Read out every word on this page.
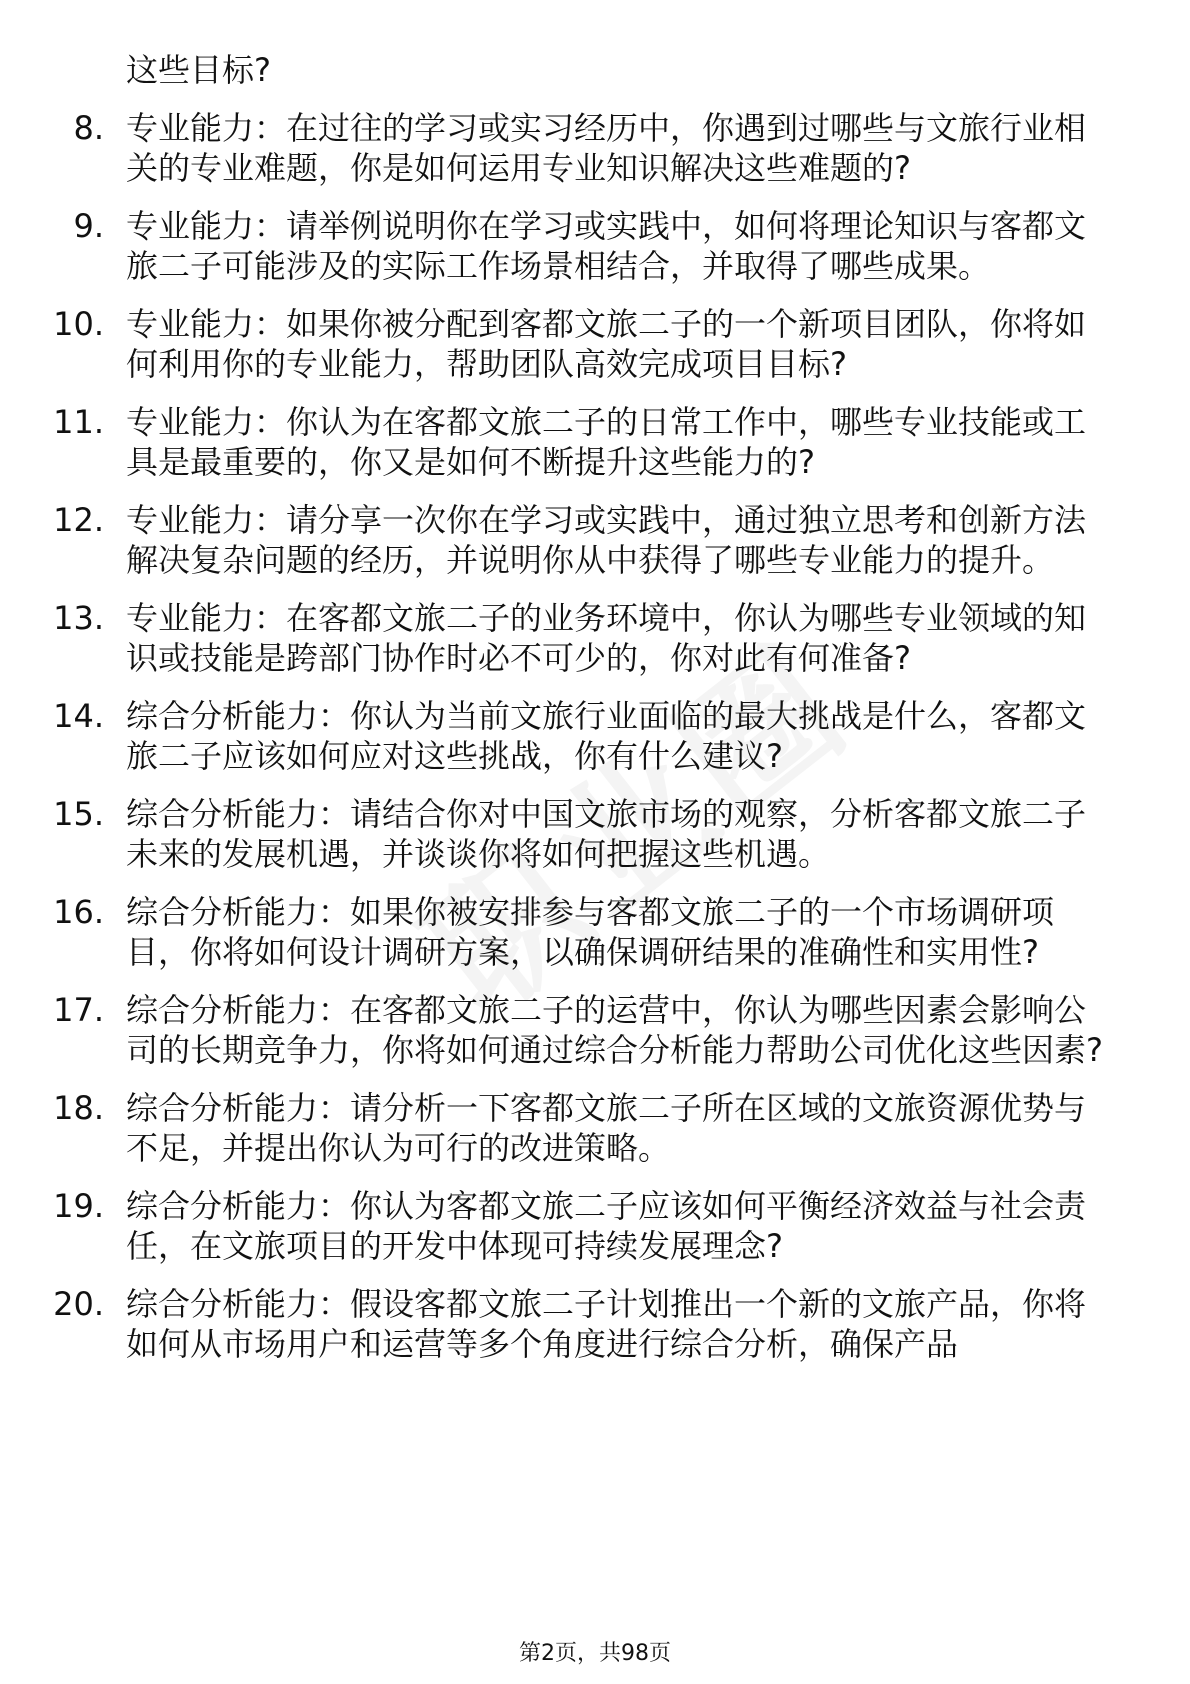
这些目标?
8. 专业能力：在过往的学习或实习经历中，你遇到过哪些与文旅行业相关的专业难题，你是如何运用专业知识解决这些难题的?
9. 专业能力：请举例说明你在学习或实践中，如何将理论知识与客都文旅二子可能涉及的实际工作场景相结合，并取得了哪些成果。
10. 专业能力：如果你被分配到客都文旅二子的一个新项目团队，你将如何利用你的专业能力，帮助团队高效完成项目目标?
11. 专业能力：你认为在客都文旅二子的日常工作中，哪些专业技能或工具是最重要的，你又是如何不断提升这些能力的?
12. 专业能力：请分享一次你在学习或实践中，通过独立思考和创新方法解决复杂问题的经历，并说明你从中获得了哪些专业能力的提升。
13. 专业能力：在客都文旅二子的业务环境中，你认为哪些专业领域的知识或技能是跨部门协作时必不可少的，你对此有何准备?
14. 综合分析能力：你认为当前文旅行业面临的最大挑战是什么，客都文旅二子应该如何应对这些挑战，你有什么建议?
15. 综合分析能力：请结合你对中国文旅市场的观察，分析客都文旅二子未来的发展机遇，并谈谈你将如何把握这些机遇。
16. 综合分析能力：如果你被安排参与客都文旅二子的一个市场调研项目，你将如何设计调研方案，以确保调研结果的准确性和实用性?
17. 综合分析能力：在客都文旅二子的运营中，你认为哪些因素会影响公司的长期竞争力，你将如何通过综合分析能力帮助公司优化这些因素?
18. 综合分析能力：请分析一下客都文旅二子所在区域的文旅资源优势与不足，并提出你认为可行的改进策略。
19. 综合分析能力：你认为客都文旅二子应该如何平衡经济效益与社会责任，在文旅项目的开发中体现可持续发展理念?
20. 综合分析能力：假设客都文旅二子计划推出一个新的文旅产品，你将如何从市场用户和运营等多个角度进行综合分析，确保产品
第2页，共98页
